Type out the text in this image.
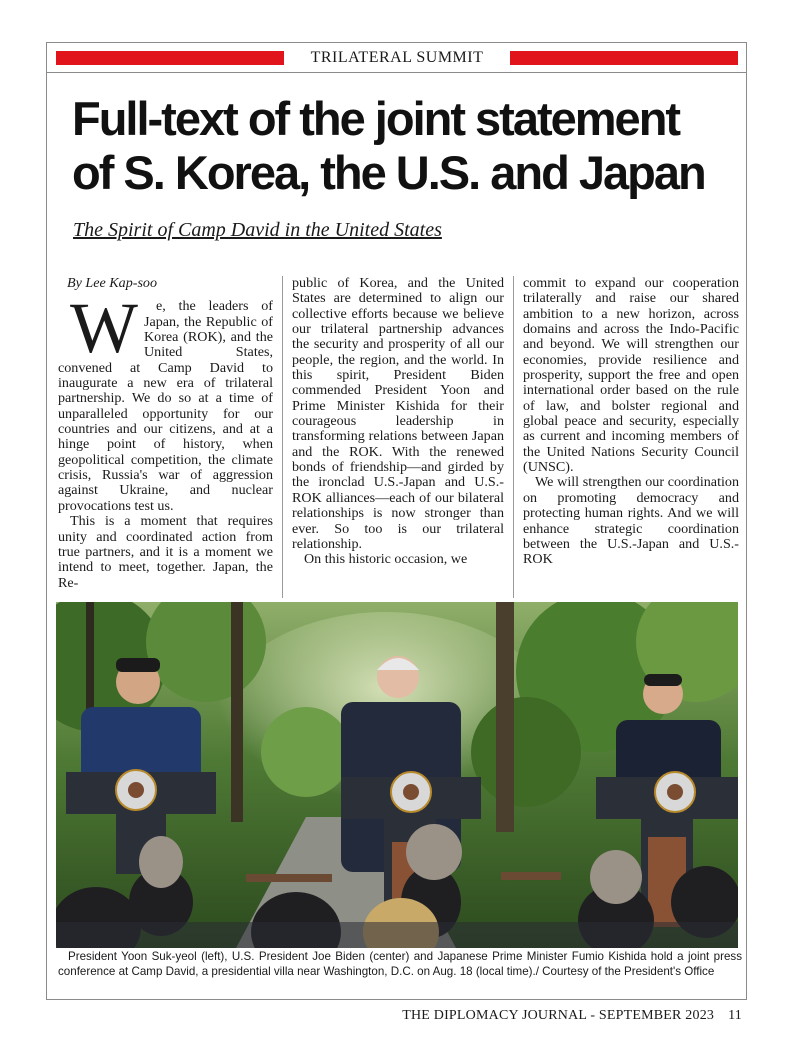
TRILATERAL SUMMIT
Full-text of the joint statement
of S. Korea, the U.S. and Japan
The Spirit of Camp David in the United States

By Lee Kap-soo

W e, the leaders of Japan, the Republic of Korea (ROK), and the United States, convened at Camp David to inaugurate a new era of trilateral partnership. We do so at a time of unparalleled opportunity for our countries and our citizens, and at a hinge point of history, when geopolitical competition, the climate crisis, Russia's war of aggression against Ukraine, and nuclear provocations test us.

This is a moment that requires unity and coordinated action from true partners, and it is a moment we intend to meet, together. Japan, the Re-

public of Korea, and the United States are determined to align our collective efforts because we believe our trilateral partnership advances the security and prosperity of all our people, the region, and the world. In this spirit, President Biden commended President Yoon and Prime Minister Kishida for their courageous leadership in transforming relations between Japan and the ROK. With the renewed bonds of friendship—and girded by the ironclad U.S.-Japan and U.S.-ROK alliances—each of our bilateral relationships is now stronger than ever. So too is our trilateral relationship.

On this historic occasion, we

commit to expand our cooperation trilaterally and raise our shared ambition to a new horizon, across domains and across the Indo-Pacific and beyond. We will strengthen our economies, provide resilience and prosperity, support the free and open international order based on the rule of law, and bolster regional and global peace and security, especially as current and incoming members of the United Nations Security Council (UNSC).

We will strengthen our coordination on promoting democracy and protecting human rights. And we will enhance strategic coordination between the U.S.-Japan and U.S.-ROK

President Yoon Suk-yeol (left), U.S. President Joe Biden (center) and Japanese Prime Minister Fumio Kishida hold a joint press conference at Camp David, a presidential villa near Washington, D.C. on Aug. 18 (local time)./ Courtesy of the President's Office

THE DIPLOMACY JOURNAL - SEPTEMBER 2023 11
